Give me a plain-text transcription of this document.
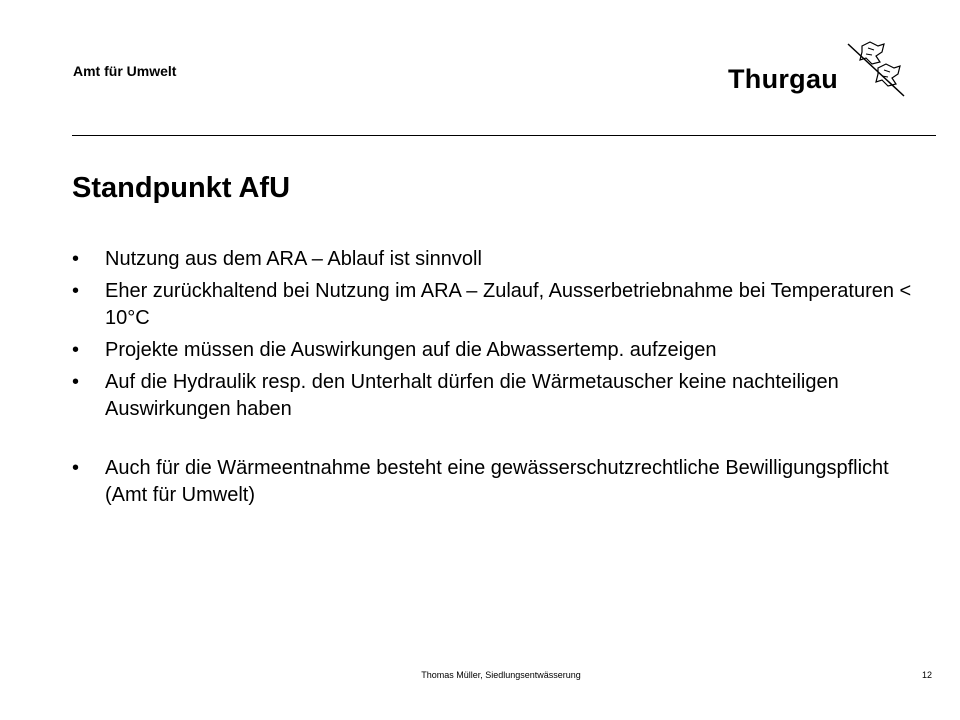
Amt für Umwelt	Thurgau
Standpunkt AfU
• Nutzung aus dem ARA – Ablauf ist sinnvoll
• Eher zurückhaltend bei Nutzung im ARA – Zulauf, Ausserbetriebnahme bei Temperaturen < 10°C
• Projekte müssen die Auswirkungen auf die Abwassertemp. aufzeigen
• Auf die Hydraulik resp. den Unterhalt dürfen die Wärmetauscher keine nachteiligen Auswirkungen haben
• Auch für die Wärmeentnahme besteht eine gewässerschutzrechtliche Bewilligungspflicht (Amt für Umwelt)
Thomas Müller, Siedlungsentwässerung	12
